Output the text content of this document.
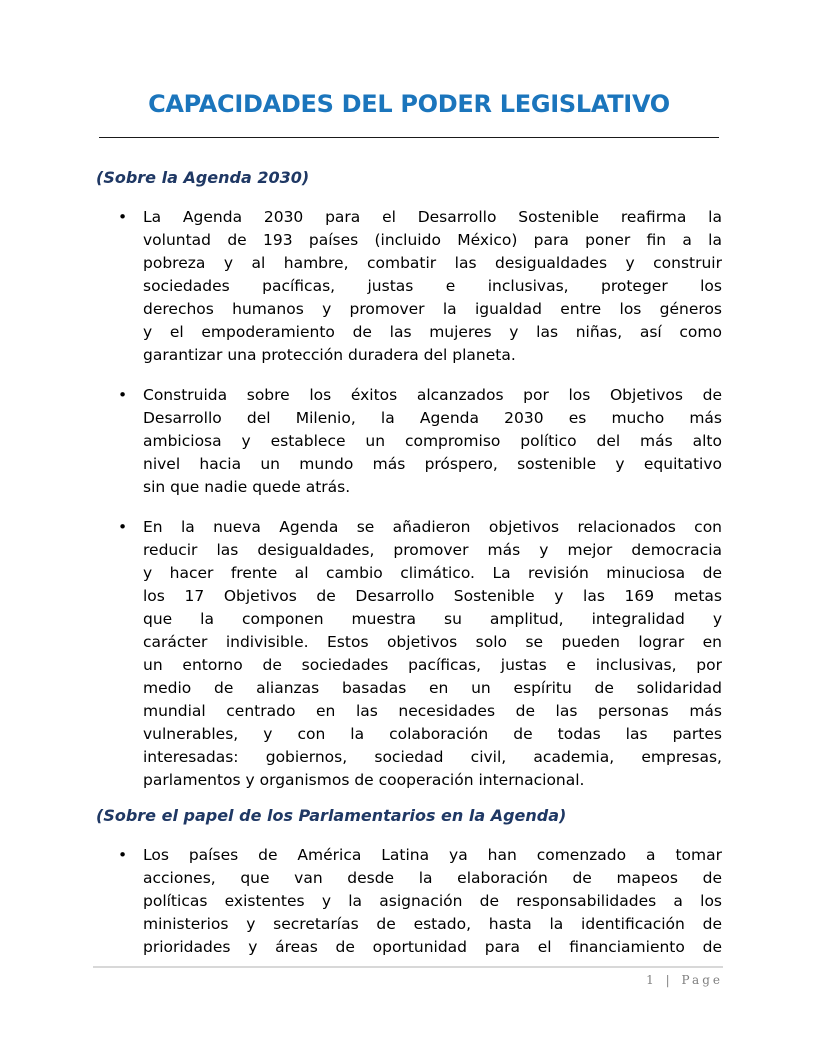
CAPACIDADES DEL PODER LEGISLATIVO
(Sobre la Agenda 2030)
•	La Agenda 2030 para el Desarrollo Sostenible reafirma la
voluntad de 193 países (incluido México) para poner fin a la
pobreza y al hambre, combatir las desigualdades y construir
sociedades pacíficas, justas e inclusivas, proteger los
derechos humanos y promover la igualdad entre los géneros
y el empoderamiento de las mujeres y las niñas, así como
garantizar una protección duradera del planeta.
•	Construida sobre los éxitos alcanzados por los Objetivos de
Desarrollo del Milenio, la Agenda 2030 es mucho más
ambiciosa y establece un compromiso político del más alto
nivel hacia un mundo más próspero, sostenible y equitativo
sin que nadie quede atrás.
•	En la nueva Agenda se añadieron objetivos relacionados con
reducir las desigualdades, promover más y mejor democracia
y hacer frente al cambio climático. La revisión minuciosa de
los 17 Objetivos de Desarrollo Sostenible y las 169 metas
que la componen muestra su amplitud, integralidad y
carácter indivisible. Estos objetivos solo se pueden lograr en
un entorno de sociedades pacíficas, justas e inclusivas, por
medio de alianzas basadas en un espíritu de solidaridad
mundial centrado en las necesidades de las personas más
vulnerables, y con la colaboración de todas las partes
interesadas: gobiernos, sociedad civil, academia, empresas,
parlamentos y organismos de cooperación internacional.
(Sobre el papel de los Parlamentarios en la Agenda)
•	Los países de América Latina ya han comenzado a tomar
acciones, que van desde la elaboración de mapeos de
políticas existentes y la asignación de responsabilidades a los
ministerios y secretarías de estado, hasta la identificación de
prioridades y áreas de oportunidad para el financiamiento de
1 | Page
